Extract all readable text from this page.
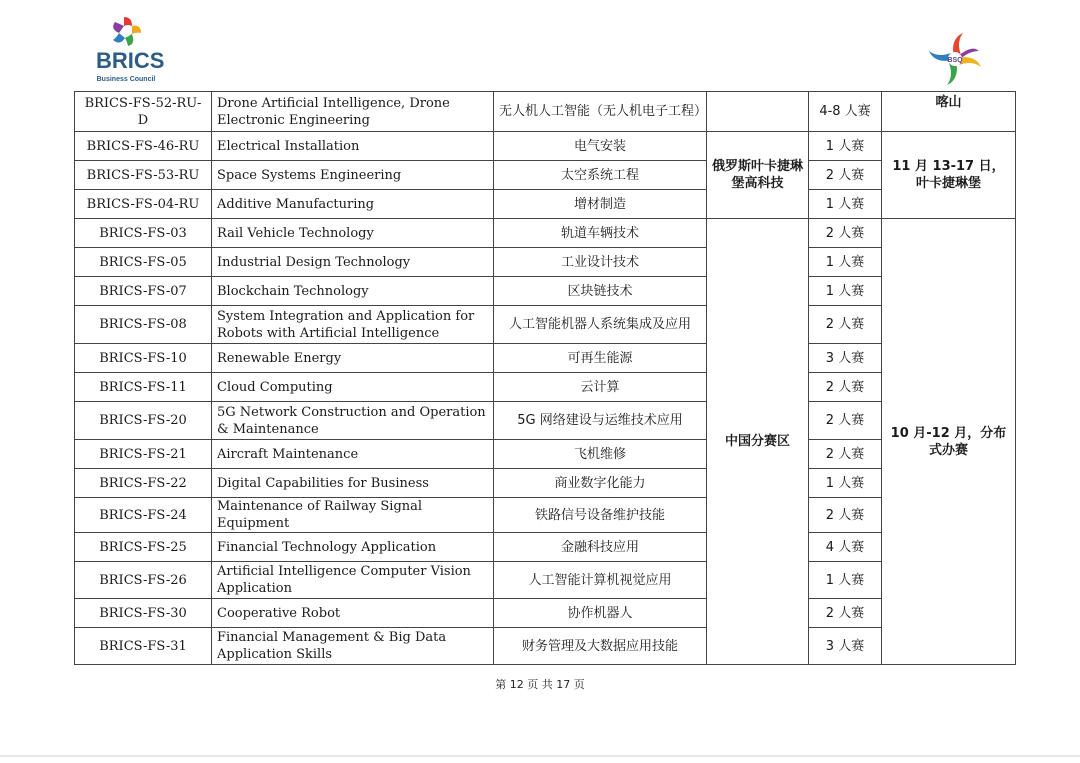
BRICS
Business Council
BSQ
BRICS-FS-52-RU-D	Drone Artificial Intelligence, Drone Electronic Engineering	无人机人工智能（无人机电子工程）		4-8 人赛	喀山
BRICS-FS-46-RU	Electrical Installation	电气安装	俄罗斯叶卡捷琳堡高科技	1 人赛	11 月 13-17 日，叶卡捷琳堡
BRICS-FS-53-RU	Space Systems Engineering	太空系统工程		2 人赛	
BRICS-FS-04-RU	Additive Manufacturing	增材制造		1 人赛	
BRICS-FS-03	Rail Vehicle Technology	轨道车辆技术	中国分赛区	2 人赛	10 月-12 月，分布式办赛
BRICS-FS-05	Industrial Design Technology	工业设计技术		1 人赛	
BRICS-FS-07	Blockchain Technology	区块链技术		1 人赛	
BRICS-FS-08	System Integration and Application for Robots with Artificial Intelligence	人工智能机器人系统集成及应用		2 人赛	
BRICS-FS-10	Renewable Energy	可再生能源		3 人赛	
BRICS-FS-11	Cloud Computing	云计算		2 人赛	
BRICS-FS-20	5G Network Construction and Operation & Maintenance	5G 网络建设与运维技术应用		2 人赛	
BRICS-FS-21	Aircraft Maintenance	飞机维修		2 人赛	
BRICS-FS-22	Digital Capabilities for Business	商业数字化能力		1 人赛	
BRICS-FS-24	Maintenance of Railway Signal Equipment	铁路信号设备维护技能		2 人赛	
BRICS-FS-25	Financial Technology Application	金融科技应用		4 人赛	
BRICS-FS-26	Artificial Intelligence Computer Vision Application	人工智能计算机视觉应用		1 人赛	
BRICS-FS-30	Cooperative Robot	协作机器人		2 人赛	
BRICS-FS-31	Financial Management & Big Data Application Skills	财务管理及大数据应用技能		3 人赛	
第 12 页 共 17 页
